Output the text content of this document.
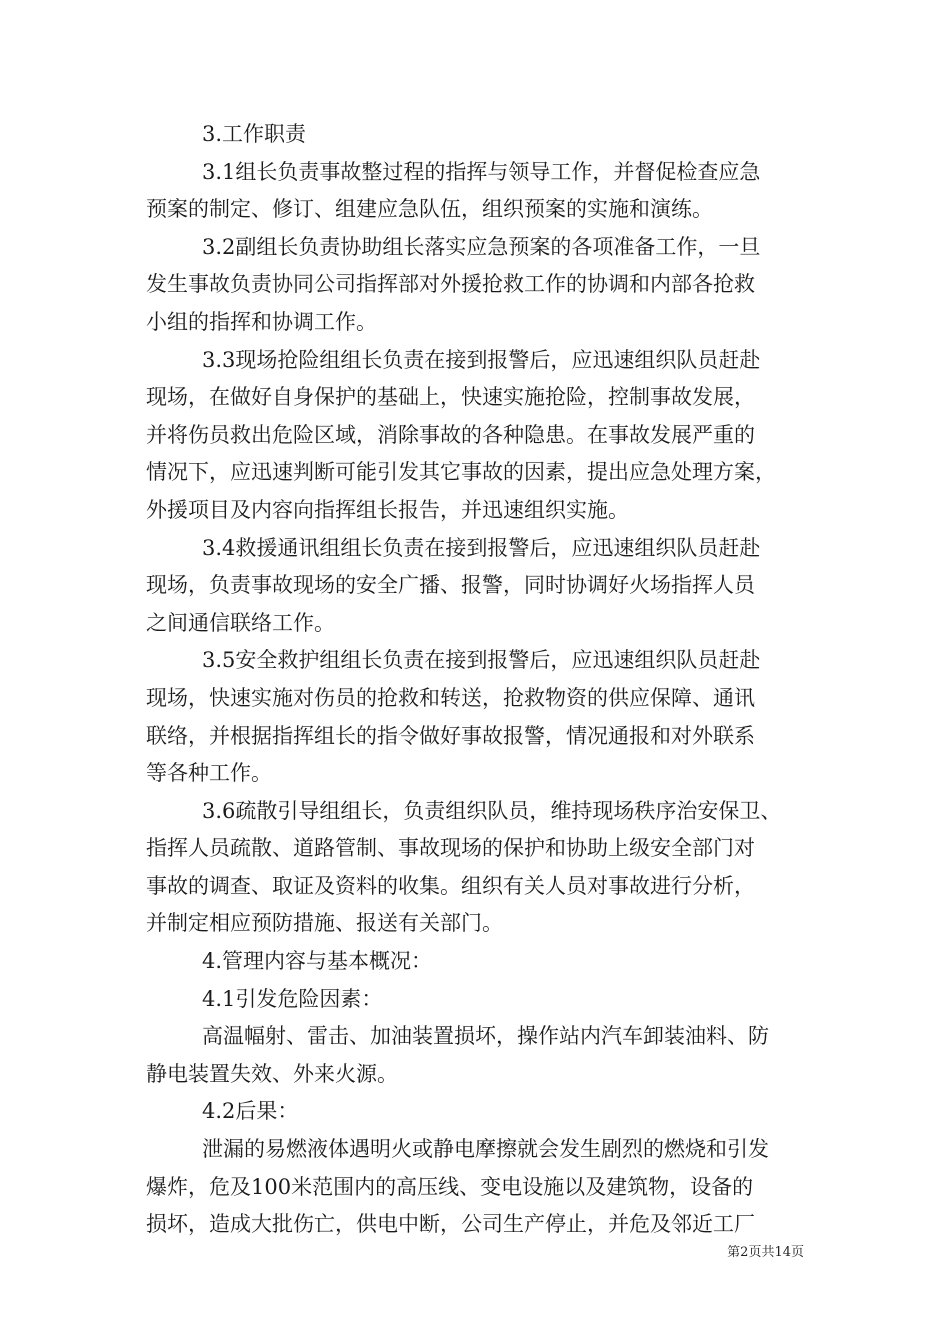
3.工作职责
3.1组长负责事故整过程的指挥与领导工作，并督促检查应急
预案的制定、修订、组建应急队伍，组织预案的实施和演练。
3.2副组长负责协助组长落实应急预案的各项准备工作，一旦
发生事故负责协同公司指挥部对外援抢救工作的协调和内部各抢救
小组的指挥和协调工作。
3.3现场抢险组组长负责在接到报警后，应迅速组织队员赶赴
现场，在做好自身保护的基础上，快速实施抢险，控制事故发展，
并将伤员救出危险区域，消除事故的各种隐患。在事故发展严重的
情况下，应迅速判断可能引发其它事故的因素，提出应急处理方案，
外援项目及内容向指挥组长报告，并迅速组织实施。
3.4救援通讯组组长负责在接到报警后，应迅速组织队员赶赴
现场，负责事故现场的安全广播、报警，同时协调好火场指挥人员
之间通信联络工作。
3.5安全救护组组长负责在接到报警后，应迅速组织队员赶赴
现场，快速实施对伤员的抢救和转送，抢救物资的供应保障、通讯
联络，并根据指挥组长的指令做好事故报警，情况通报和对外联系
等各种工作。
3.6疏散引导组组长，负责组织队员，维持现场秩序治安保卫、
指挥人员疏散、道路管制、事故现场的保护和协助上级安全部门对
事故的调查、取证及资料的收集。组织有关人员对事故进行分析，
并制定相应预防措施、报送有关部门。
4.管理内容与基本概况：
4.1引发危险因素：
高温幅射、雷击、加油装置损坏，操作站内汽车卸装油料、防
静电装置失效、外来火源。
4.2后果：
泄漏的易燃液体遇明火或静电摩擦就会发生剧烈的燃烧和引发
爆炸，危及100米范围内的高压线、变电设施以及建筑物，设备的
损坏，造成大批伤亡，供电中断，公司生产停止，并危及邻近工厂
第2页共14页
